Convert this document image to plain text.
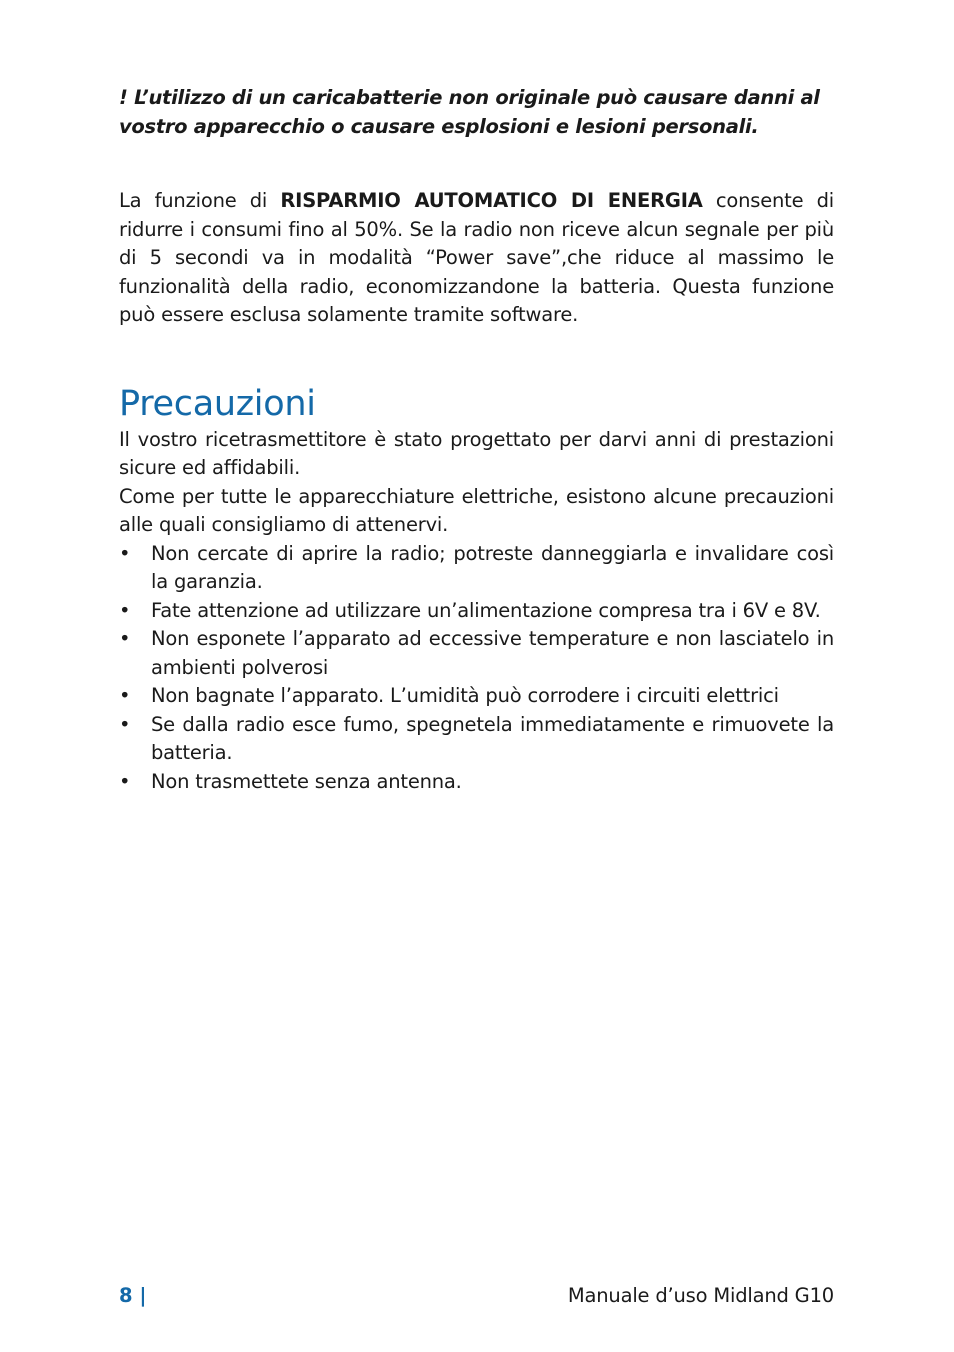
! L’utilizzo di un caricabatterie non originale può causare danni al vostro apparecchio o causare esplosioni e lesioni personali.

La funzione di RISPARMIO AUTOMATICO DI ENERGIA consente di ridurre i consumi fino al 50%. Se la radio non riceve alcun segnale per più di 5 secondi va in modalità “Power save”,che riduce al massimo le funzionalità della radio, economizzandone la batteria. Questa funzione può essere esclusa solamente tramite software.

Precauzioni

Il vostro ricetrasmettitore è stato progettato per darvi anni di prestazioni sicure ed affidabili.

Come per tutte le apparecchiature elettriche, esistono alcune precauzioni alle quali consigliamo di attenervi.

• Non cercate di aprire la radio; potreste danneggiarla e invalidare così la garanzia.
• Fate attenzione ad utilizzare un’alimentazione compresa tra i 6V e 8V.
• Non esponete l’apparato ad eccessive temperature e non lasciatelo in ambienti polverosi
• Non bagnate l’apparato. L’umidità può corrodere i circuiti elettrici
• Se dalla radio esce fumo, spegnetela immediatamente e rimuovete la batteria.
• Non trasmettete senza antenna.
8 |	Manuale d’uso Midland G10
